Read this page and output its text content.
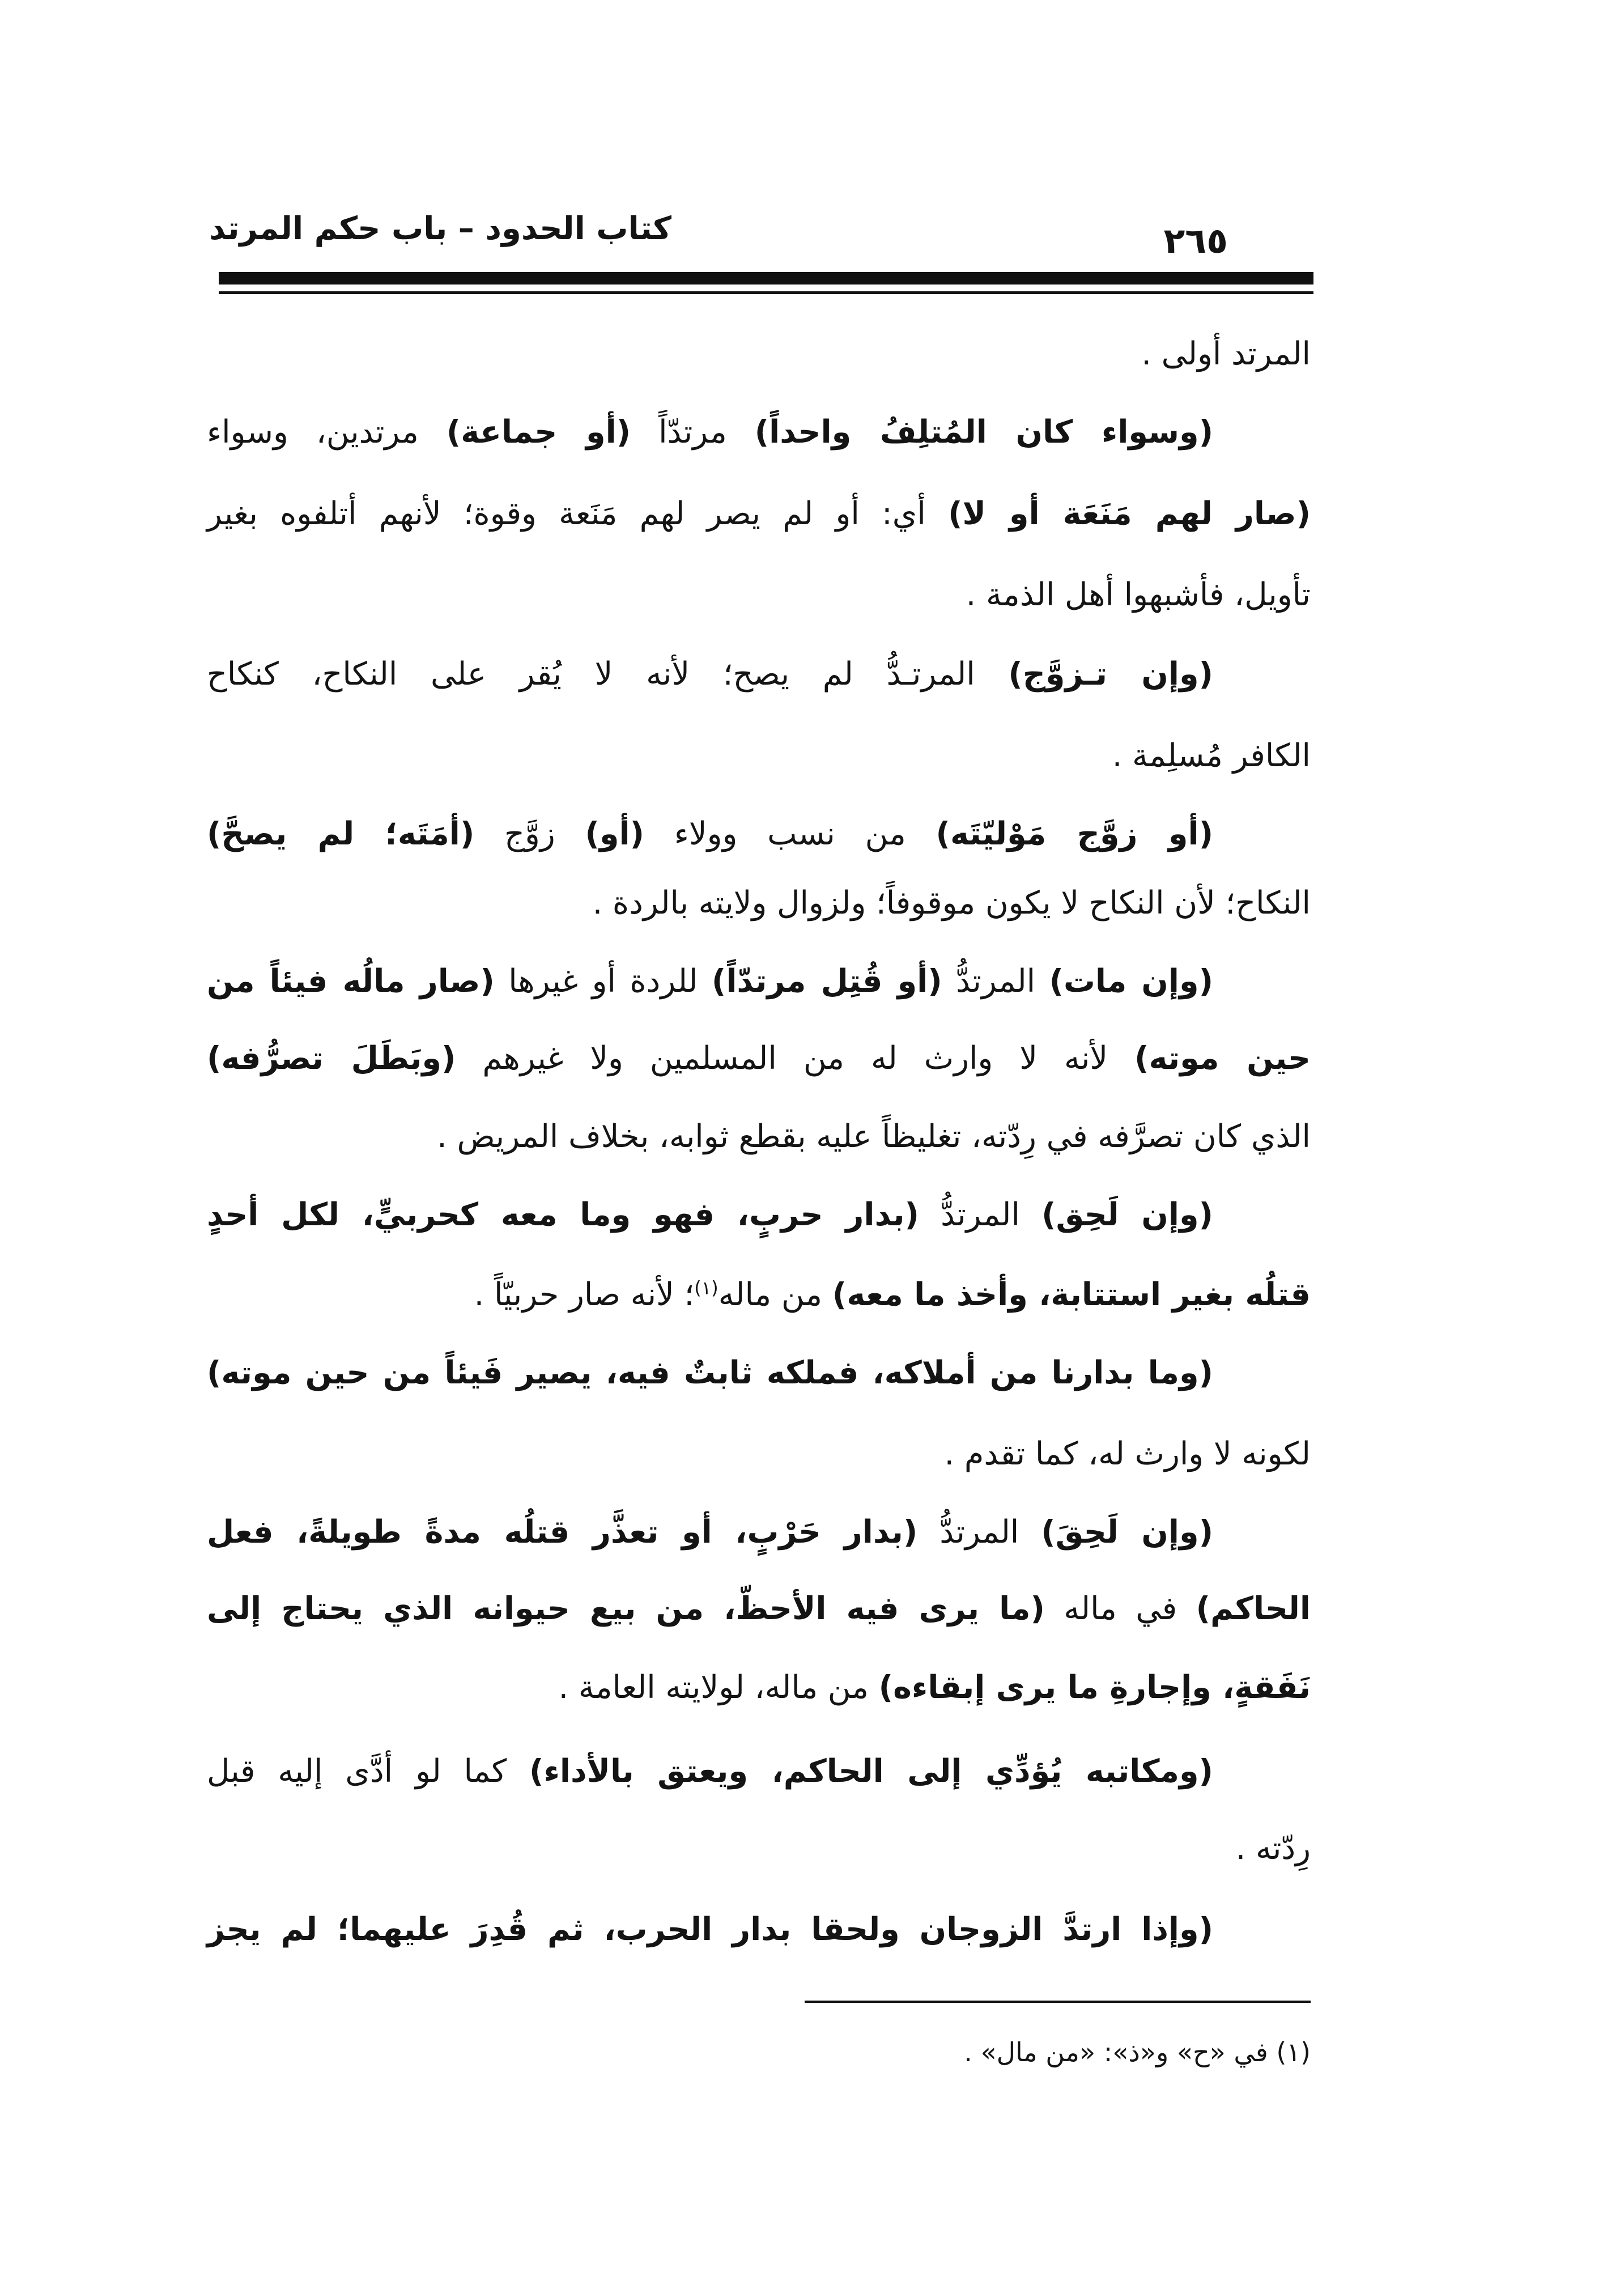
كتاب الحدود – باب حكم المرتد	٢٦٥
المرتد أولى .
(وسواء كان المُتلِفُ واحداً) مرتدّاً (أو جماعة) مرتدين، وسواء
(صار لهم مَنَعَة أو لا) أي: أو لم يصر لهم مَنَعة وقوة؛ لأنهم أتلفوه بغير
تأويل، فأشبهوا أهل الذمة .
(وإن تـزوَّج) المرتـدُّ لم يصح؛ لأنه لا يُقر على النكاح، كنكاح
الكافر مُسلِمة .
(أو زوَّج مَوْليّتَه) من نسب وولاء (أو) زوَّج (أمَتَه؛ لم يصحَّ)
النكاح؛ لأن النكاح لا يكون موقوفاً؛ ولزوال ولايته بالردة .
(وإن مات) المرتدُّ (أو قُتِل مرتدّاً) للردة أو غيرها (صار مالُه فيئاً من
حين موته) لأنه لا وارث له من المسلمين ولا غيرهم (وبَطَلَ تصرُّفه)
الذي كان تصرَّفه في رِدّته، تغليظاً عليه بقطع ثوابه، بخلاف المريض .
(وإن لَحِق) المرتدُّ (بدار حربٍ، فهو وما معه كحربيٍّ، لكل أحدٍ
قتلُه بغير استتابة، وأخذ ما معه) من ماله$^{(١)}$؛ لأنه صار حربيّاً .
(وما بدارنا من أملاكه، فملكه ثابتٌ فيه، يصير فَيئاً من حين موته)
لكونه لا وارث له، كما تقدم .
(وإن لَحِقَ) المرتدُّ (بدار حَرْبٍ، أو تعذَّر قتلُه مدةً طويلةً، فعل
الحاكم) في ماله (ما يرى فيه الأحظّ، من بيع حيوانه الذي يحتاج إلى
نَفَقةٍ، وإجارةِ ما يرى إبقاءه) من ماله، لولايته العامة .
(ومكاتبه يُؤدِّي إلى الحاكم، ويعتق بالأداء) كما لو أدَّى إليه قبل
رِدّته .
(وإذا ارتدَّ الزوجان ولحقا بدار الحرب، ثم قُدِرَ عليهما؛ لم يجز
(١) في «ح» و«ذ»: «من مال» .
